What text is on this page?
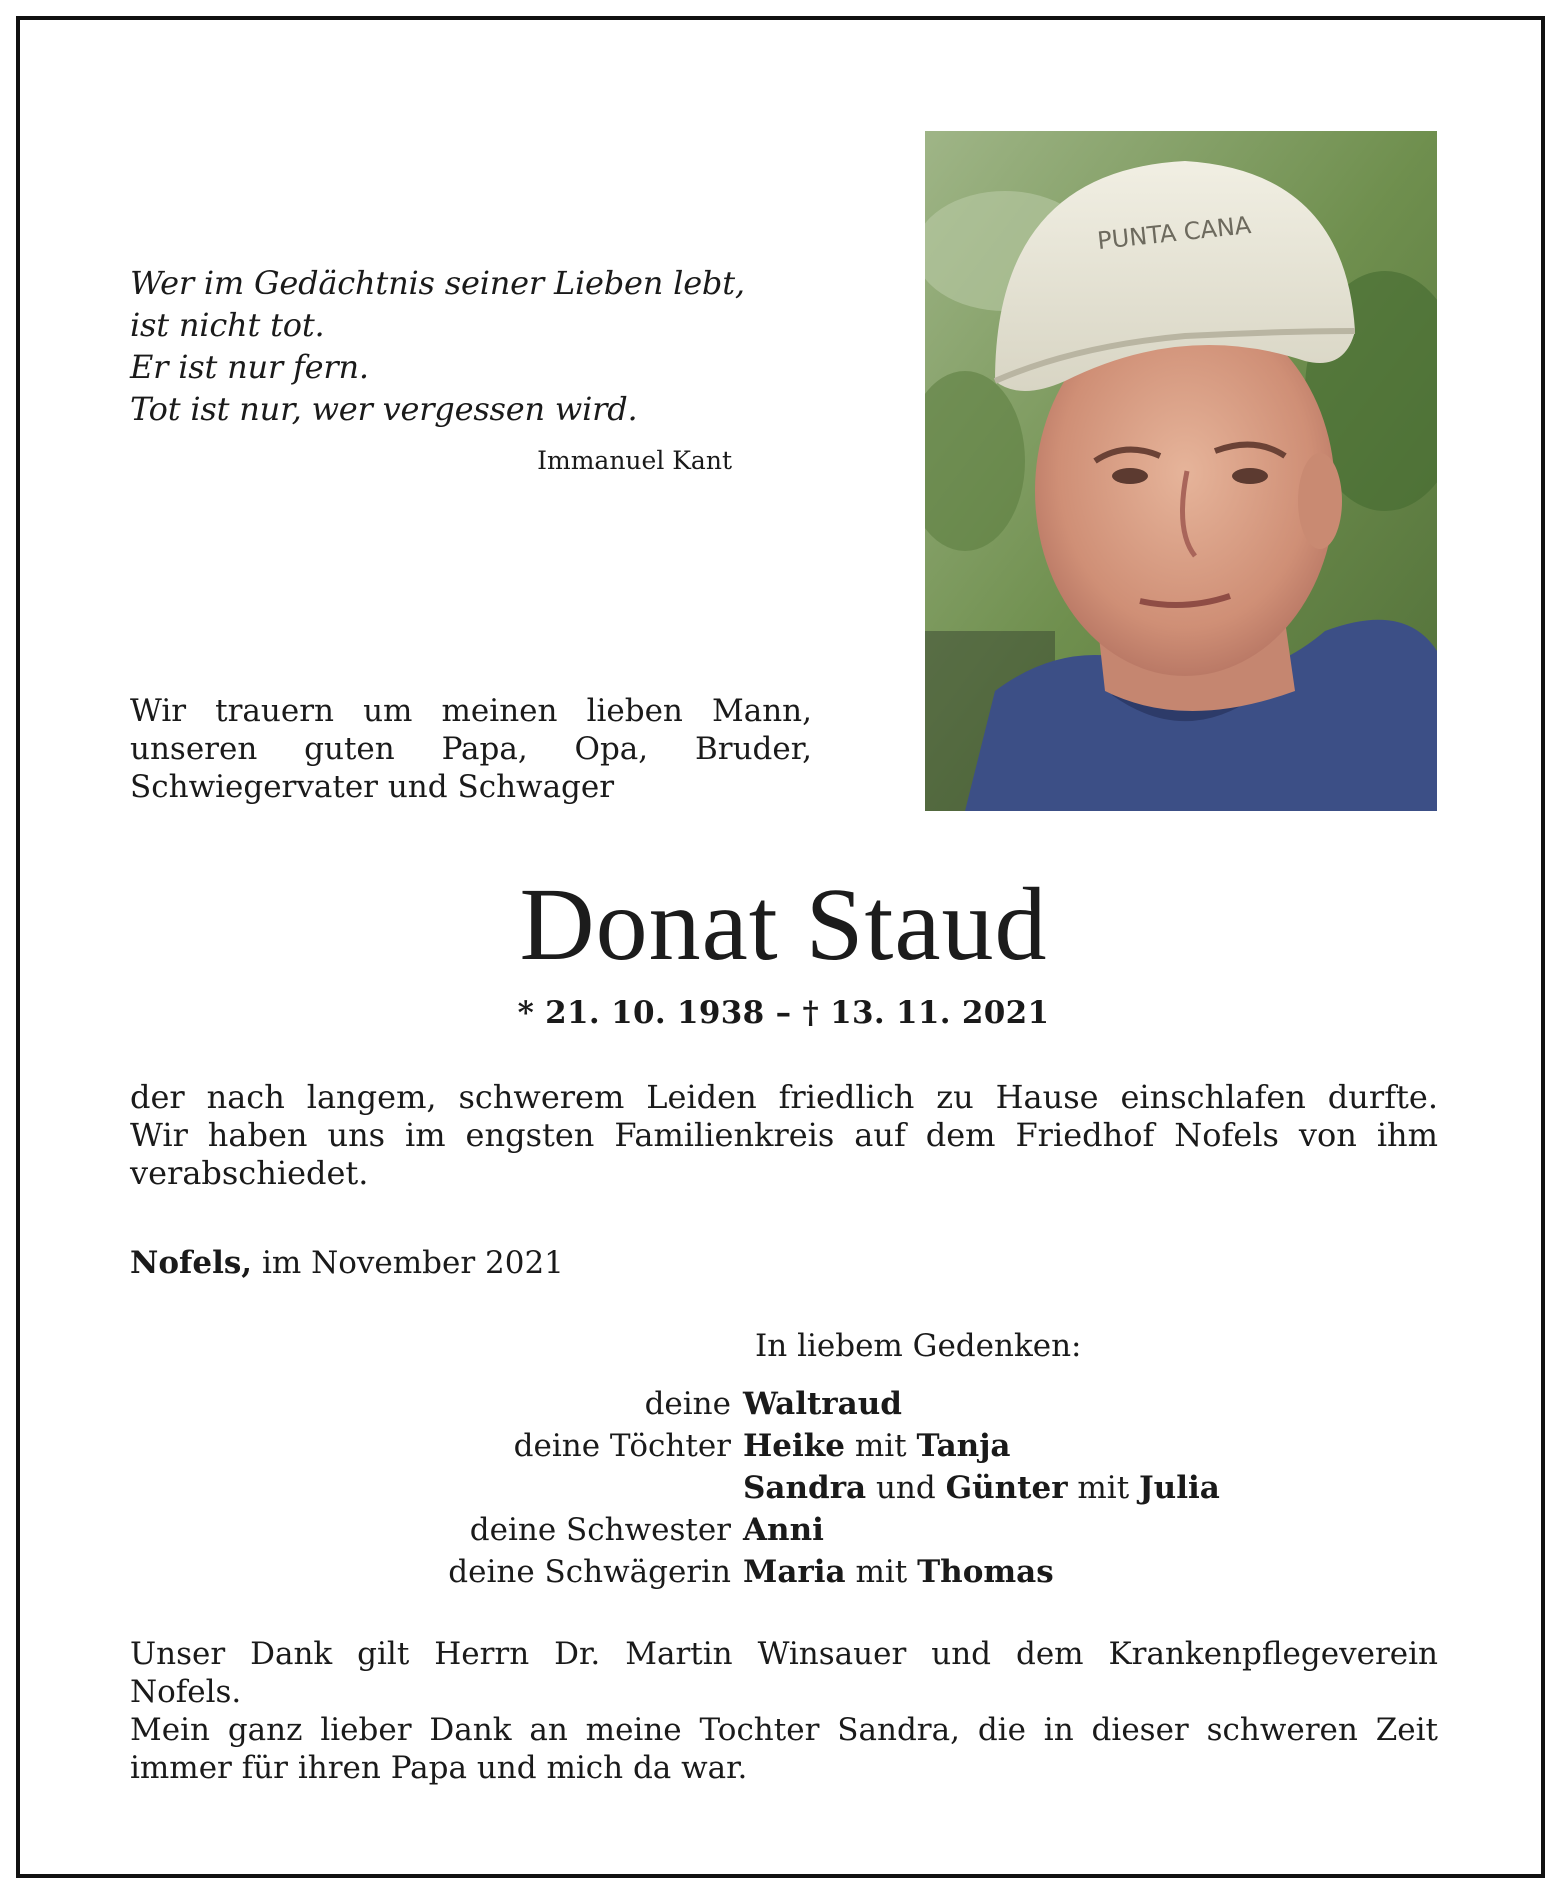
Wer im Gedächtnis seiner Lieben lebt,
ist nicht tot.
Er ist nur fern.
Tot ist nur, wer vergessen wird.
Immanuel Kant
PUNTA CANA
Wir trauern um meinen lieben Mann,
unseren guten Papa, Opa, Bruder,
Schwiegervater und Schwager
Donat Staud
* 21. 10. 1938 – † 13. 11. 2021
der nach langem, schwerem Leiden friedlich zu Hause einschlafen durfte.
Wir haben uns im engsten Familienkreis auf dem Friedhof Nofels von ihm
verabschiedet.
Nofels, im November 2021
In liebem Gedenken:
deine Waltraud
deine Töchter Heike mit Tanja
Sandra und Günter mit Julia
deine Schwester Anni
deine Schwägerin Maria mit Thomas
Unser Dank gilt Herrn Dr. Martin Winsauer und dem Krankenpflegeverein
Nofels.
Mein ganz lieber Dank an meine Tochter Sandra, die in dieser schweren Zeit
immer für ihren Papa und mich da war.
